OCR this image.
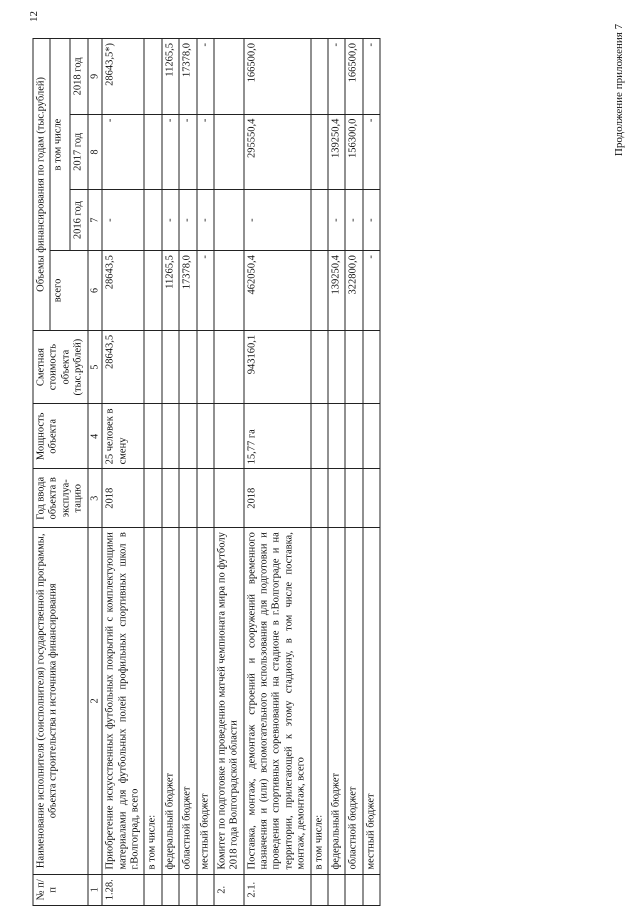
12
Продолжение приложения 7
№ п/п	Наименование исполнителя (соисполнителя) государственной программы, объекта строительства и источника финансирования	Год ввода объекта в эксплуа-тацию	Мощность объекта	Сметная стоимость объекта (тыс.рублей)	Объемы финансирования по годам (тыс.рублей)			
					всего	в том числе		
						2016 год	2017 год	2018 год
1	2	3	4	5	6	7	8	9
1.28.	Приобретение искусственных футбольных покрытий с комплектующими материалами для футбольных полей профильных спортивных школ в г.Волгоград, всего	2018	25 человек в смену	28643,5	28643,5	-	-	28643,5*)
	в том числе:							
	федеральный бюджет				11265,5	-	-	11265,5
	областной бюджет				17378,0	-	-	17378,0
	местный бюджет				-	-	-	-
2.	Комитет по подготовке и проведению матчей чемпионата мира по футболу 2018 года Волгоградской области							
2.1.	Поставка, монтаж, демонтаж строений и сооружений временного назначения и (или) вспомогательного использования для подготовки и проведения спортивных соревнований на стадионе в г.Волгограде и на территории, прилегающей к этому стадиону, в том числе поставка, монтаж, демонтаж, всего	2018	15,77 га	943160,1	462050,4	-	295550,4	166500,0
	в том числе:							
	федеральный бюджет				139250,4	-	139250,4	-
	областной бюджет				322800,0	-	156300,0	166500,0
	местный бюджет				-	-	-	-
